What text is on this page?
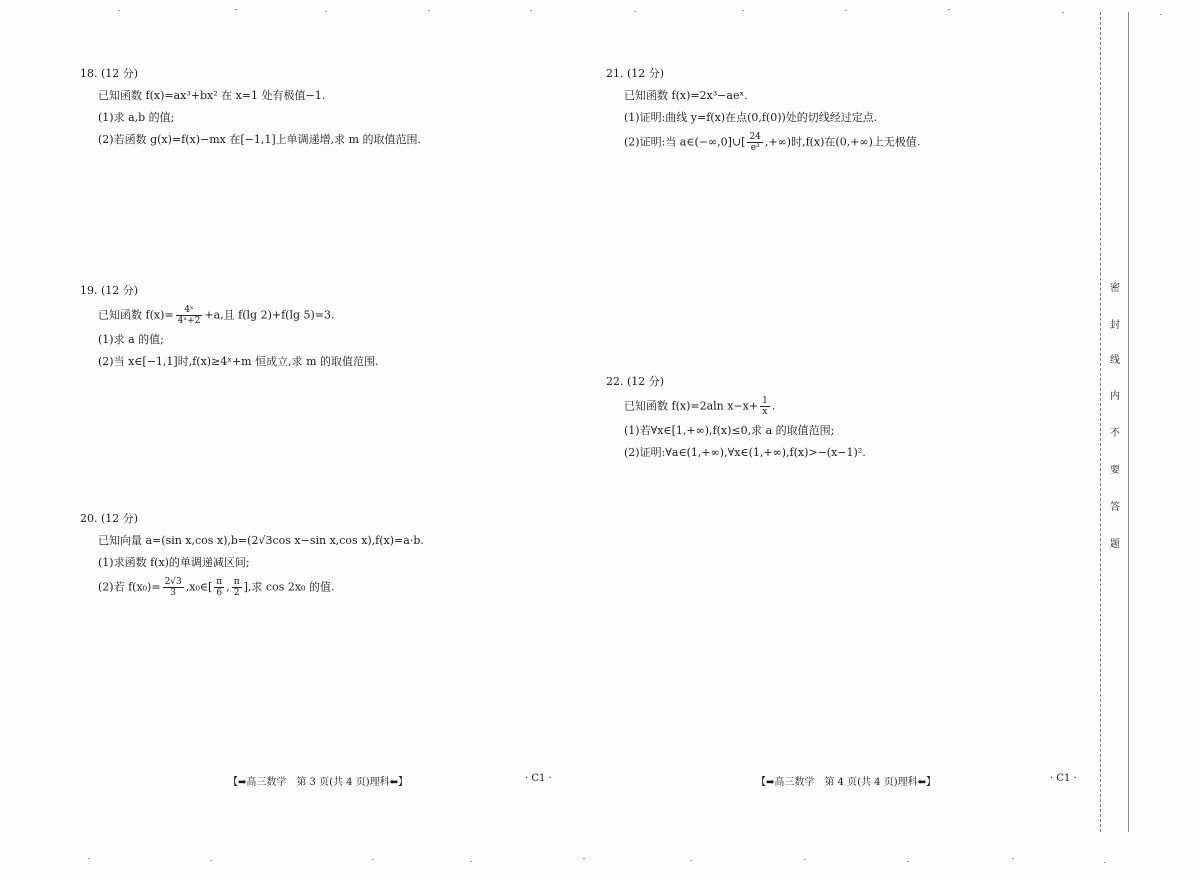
18. (12 分)
已知函数 f(x)=ax³+bx² 在 x=1 处有极值−1.
(1)求 a,b 的值;
(2)若函数 g(x)=f(x)−mx 在[−1,1]上单调递增,求 m 的取值范围.
19. (12 分)
已知函数 $f(x)= \frac{\text{4ˣ}}{\text{4ˣ+2}} +a$,且 f(lg 2)+f(lg 5)=3.
(1)求 a 的值;
(2)当 x∈[−1,1]时,f(x)≥4ˣ+m 恒成立,求 m 的取值范围.
20. (12 分)
已知向量 a=(sin x,cos x),b=(2√3cos x−sin x,cos x),f(x)=a·b.
(1)求函数 f(x)的单调递减区间;
(2)若 $f(x_0)= \frac{2√3}{3}$ ,x₀∈[ $\frac{\pi}{6}$ , $\frac{\pi}{2}$ ],求 cos 2x₀ 的值.
21. (12 分)
已知函数 f(x)=2x³−aeˣ.
(1)证明:曲线 y=f(x)在点(0,f(0))处的切线经过定点.
(2)证明:当 a∈(−∞,0]∪[ $\frac{24}{\text{e²}}$ ,+∞)时,f(x)在(0,+∞)上无极值.
22. (12 分)
已知函数 f(x)=2aln $x-x+ \frac{1}{x}$ .
(1)若∀x∈[1,+∞),f(x)≤0,求 a 的取值范围;
(2)证明:∀a∈(1,+∞),∀x∈(1,+∞),f(x)>−(x−1)².
【➡高三数学　第 3 页(共 4 页)理科⬅】	· C1 ·	【➡高三数学　第 4 页(共 4 页)理科⬅】	· C1 ·
密
封
线
内
不
要
答
题
